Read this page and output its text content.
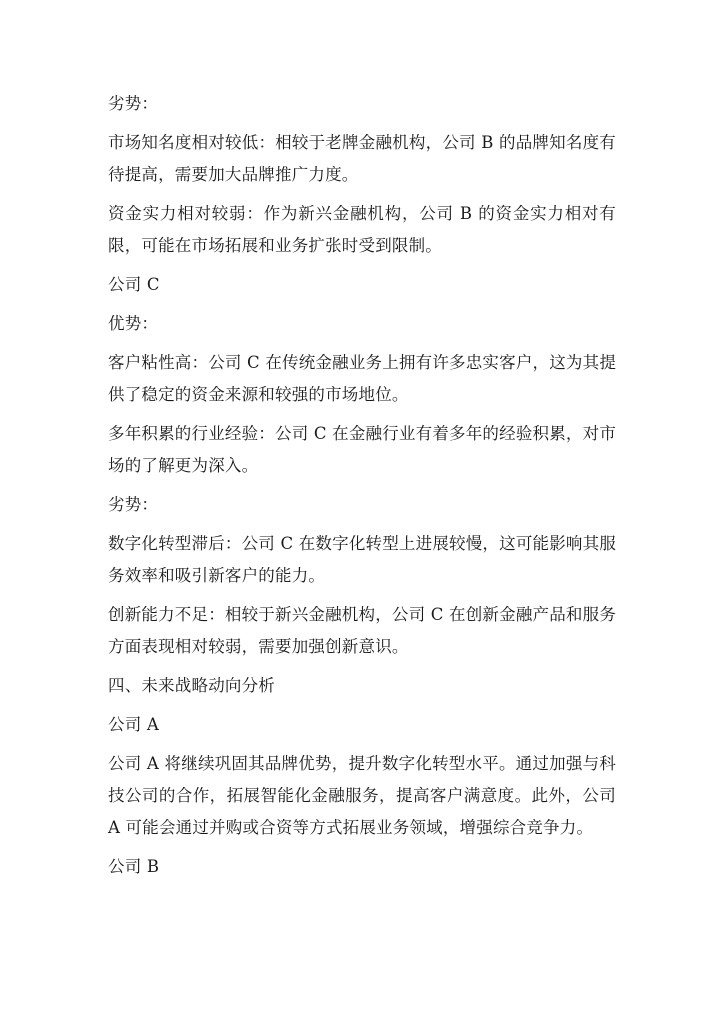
劣势：

市场知名度相对较低：相较于老牌金融机构，公司 B 的品牌知名度有待提高，需要加大品牌推广力度。

资金实力相对较弱：作为新兴金融机构，公司 B 的资金实力相对有限，可能在市场拓展和业务扩张时受到限制。

公司 C

优势：

客户粘性高：公司 C 在传统金融业务上拥有许多忠实客户，这为其提供了稳定的资金来源和较强的市场地位。

多年积累的行业经验：公司 C 在金融行业有着多年的经验积累，对市场的了解更为深入。

劣势：

数字化转型滞后：公司 C 在数字化转型上进展较慢，这可能影响其服务效率和吸引新客户的能力。

创新能力不足：相较于新兴金融机构，公司 C 在创新金融产品和服务方面表现相对较弱，需要加强创新意识。

四、未来战略动向分析

公司 A

公司 A 将继续巩固其品牌优势，提升数字化转型水平。通过加强与科技公司的合作，拓展智能化金融服务，提高客户满意度。此外，公司 A 可能会通过并购或合资等方式拓展业务领域，增强综合竞争力。

公司 B
